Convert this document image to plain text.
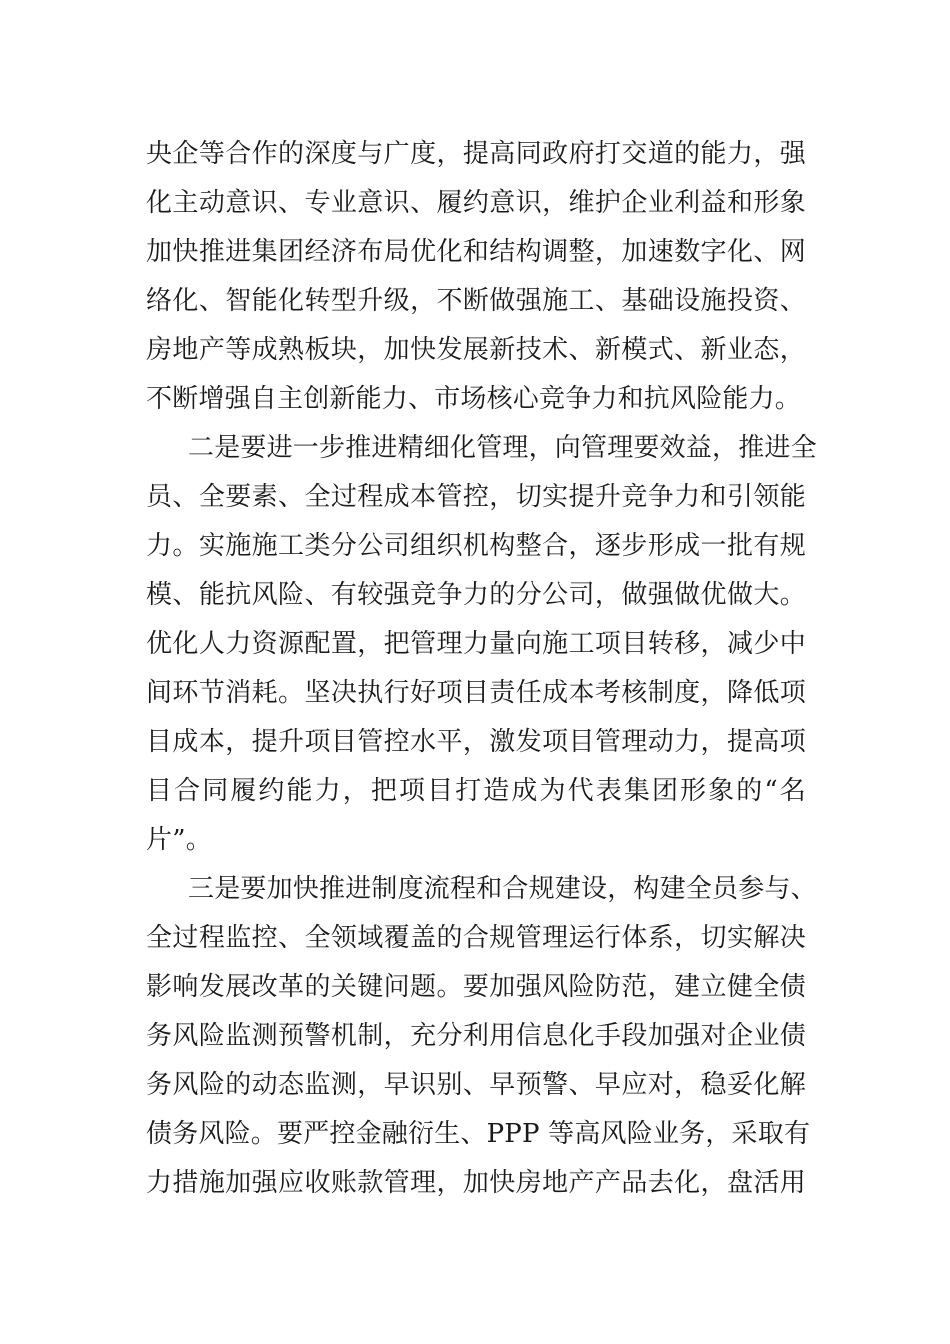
央企等合作的深度与广度，提高同政府打交道的能力，强
化主动意识、专业意识、履约意识，维护企业利益和形象
加快推进集团经济布局优化和结构调整，加速数字化、网
络化、智能化转型升级，不断做强施工、基础设施投资、
房地产等成熟板块，加快发展新技术、新模式、新业态，
不断增强自主创新能力、市场核心竞争力和抗风险能力。
二是要进一步推进精细化管理，向管理要效益，推进全
员、全要素、全过程成本管控，切实提升竞争力和引领能
力。实施施工类分公司组织机构整合，逐步形成一批有规
模、能抗风险、有较强竞争力的分公司，做强做优做大。
优化人力资源配置，把管理力量向施工项目转移，减少中
间环节消耗。坚决执行好项目责任成本考核制度，降低项
目成本，提升项目管控水平，激发项目管理动力，提高项
目合同履约能力，把项目打造成为代表集团形象的“名
片”。
三是要加快推进制度流程和合规建设，构建全员参与、
全过程监控、全领域覆盖的合规管理运行体系，切实解决
影响发展改革的关键问题。要加强风险防范，建立健全债
务风险监测预警机制，充分利用信息化手段加强对企业债
务风险的动态监测，早识别、早预警、早应对，稳妥化解
债务风险。要严控金融衍生、PPP 等高风险业务，采取有
力措施加强应收账款管理，加快房地产产品去化，盘活用
